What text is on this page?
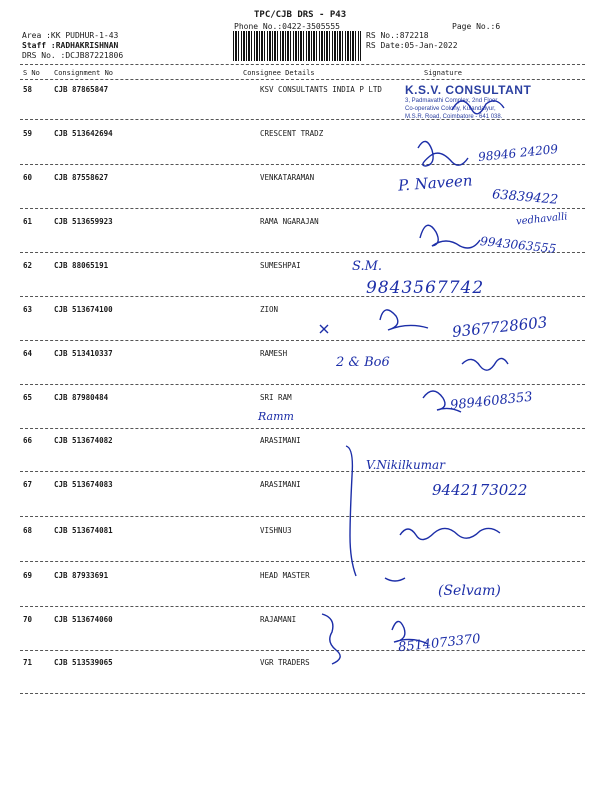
TPC/CJB DRS - P43
Phone No.:0422-3505555	Page No.:6
Area :KK PUDHUR-1-43
Staff :RADHAKRISHNAN
DRS No. :DCJB87221806
RS No.:872218
RS Date:05-Jan-2022
S No Consignment No	Consignee Details	Signature
58	CJB 87865847	KSV CONSULTANTS INDIA P LTD
59	CJB 513642694	CRESCENT TRADZ
60	CJB 87558627	VENKATARAMAN
61	CJB 513659923	RAMA NGARAJAN
62	CJB 88065191	SUMESHPAI
63	CJB 513674100	ZION
64	CJB 513410337	RAMESH
65	CJB 87980484	SRI RAM
66	CJB 513674082	ARASIMANI
67	CJB 513674083	ARASIMANI
68	CJB 513674081	VISHNU3
69	CJB 87933691	HEAD MASTER
70	CJB 513674060	RAJAMANI
71	CJB 513539065	VGR TRADERS
K.S.V. CONSULTANT
3, Padmavathi Complex, 2nd Floor,
Co-operative Colony, Kulandaiyur,
M.S.R. Road, Coimbatore - 641 038.
98946 24209
P. Naveen
63839422
vedhavalli
9943063555
S.M.
9843567742
9367728603
2 & Bo6
Ramm
9894608353
V.Nikilkumar
9442173022
(Selvam)
8514073370
